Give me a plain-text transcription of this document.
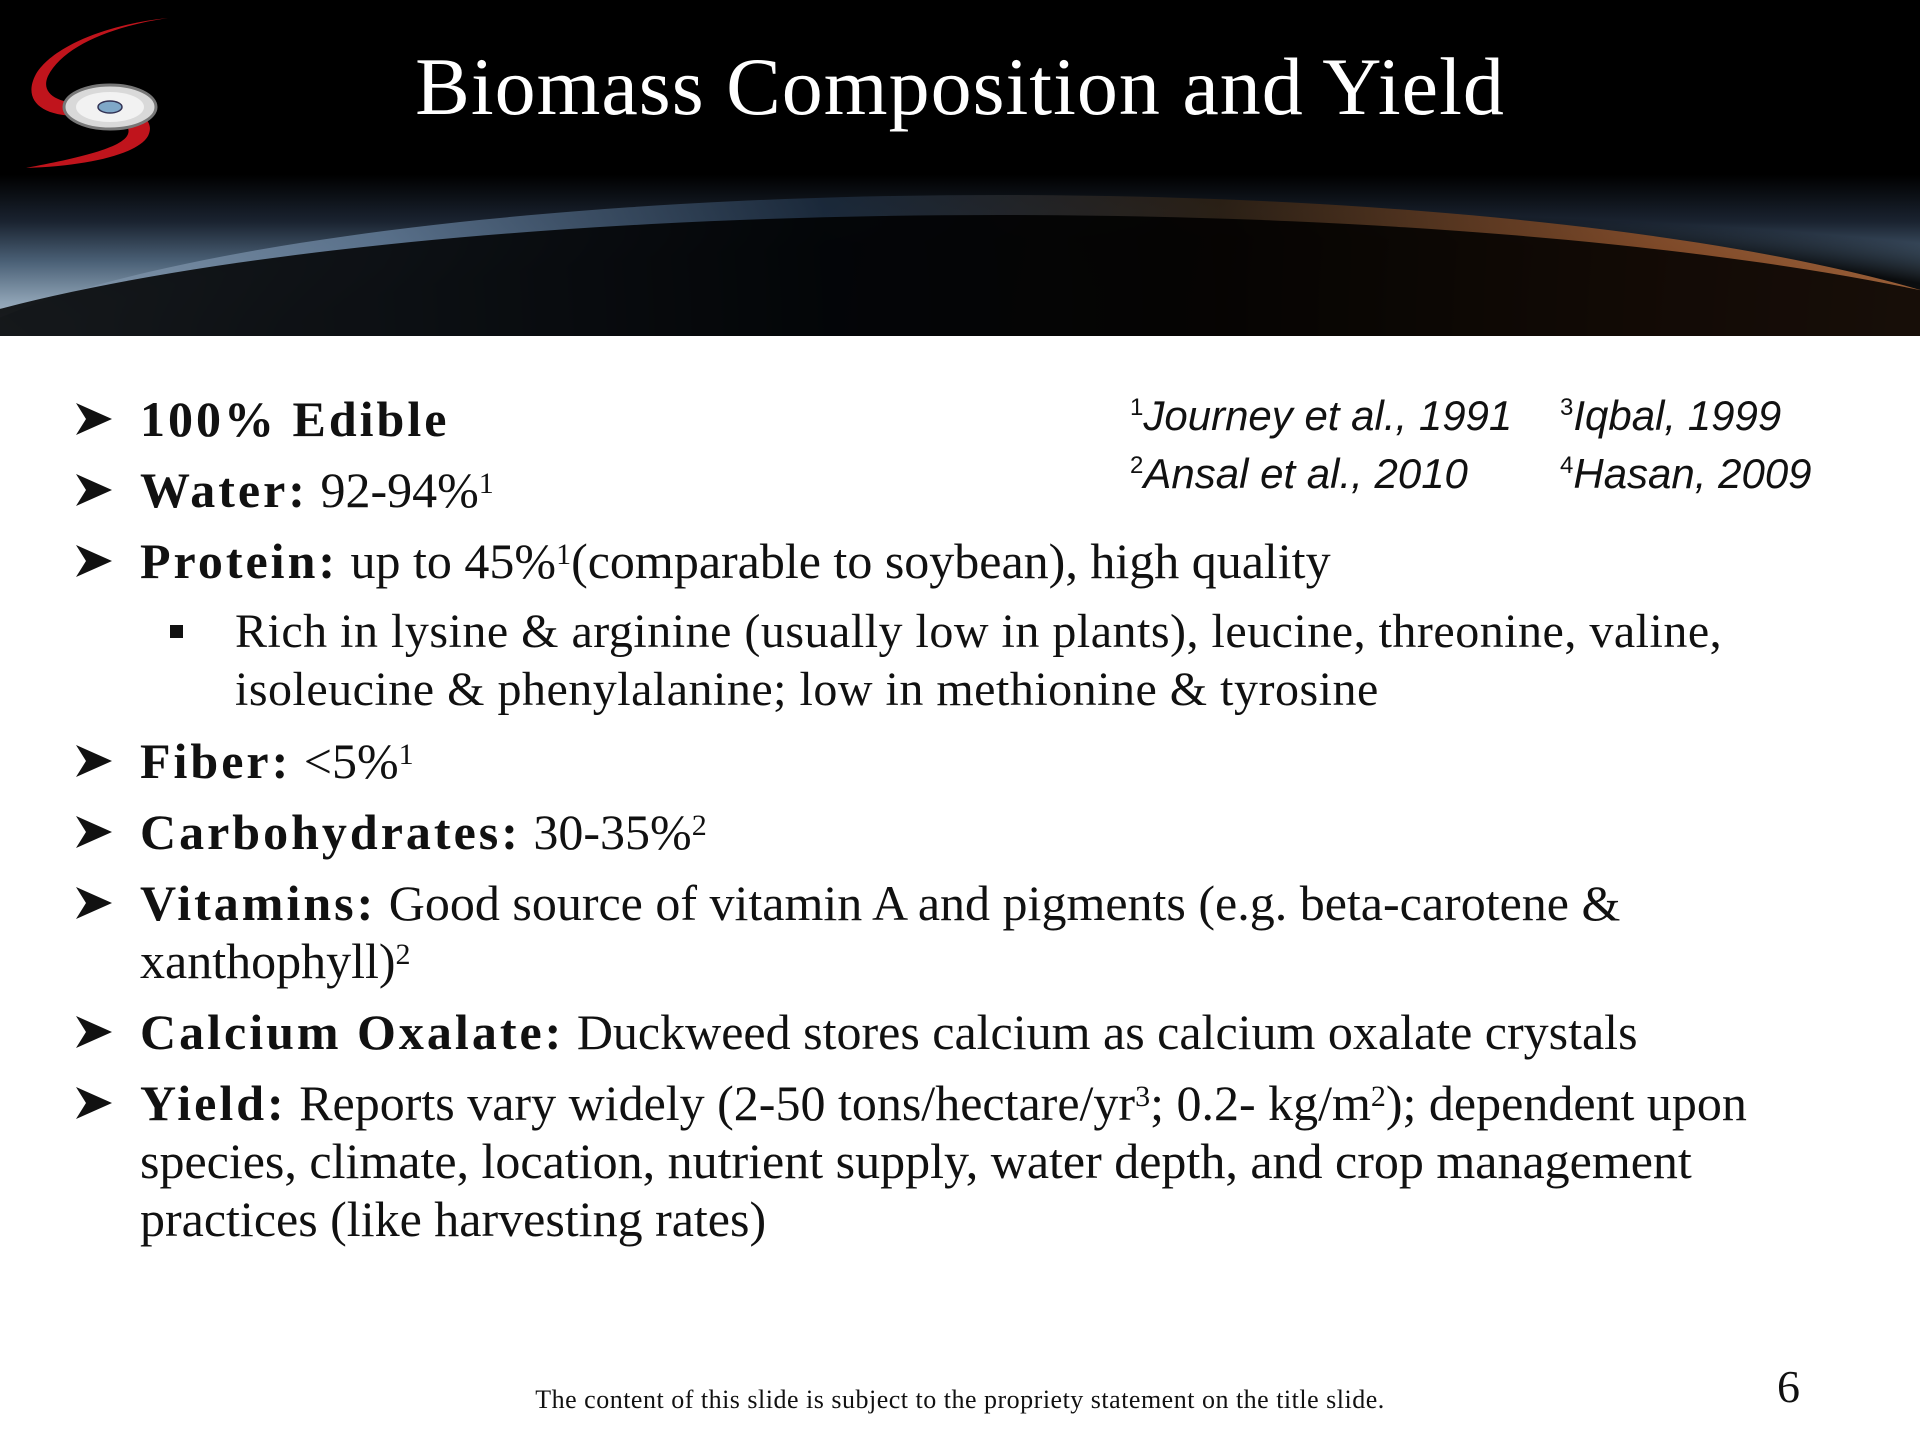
Biomass Composition and Yield
$^1$Journey et al., 1991	$^3$Iqbal, 1999
$^2$Ansal et al., 2010	$^4$Hasan, 2009
100% Edible
Water: 92-94%$^1$
Protein: up to 45%$^1$(comparable to soybean), high quality
Rich in lysine & arginine (usually low in plants), leucine, threonine, valine, isoleucine & phenylalanine; low in methionine & tyrosine
Fiber: <5%$^1$
Carbohydrates: 30-35%$^2$
Vitamins: Good source of vitamin A and pigments (e.g. beta-carotene & xanthophyll)$^2$
Calcium Oxalate: Duckweed stores calcium as calcium oxalate crystals
Yield: Reports vary widely (2-50 tons/$hectare/yr^3$; 0.2- $kg/m^2$); dependent upon species, climate, location, nutrient supply, water depth, and crop management practices (like harvesting rates)
The content of this slide is subject to the propriety statement on the title slide.	6
